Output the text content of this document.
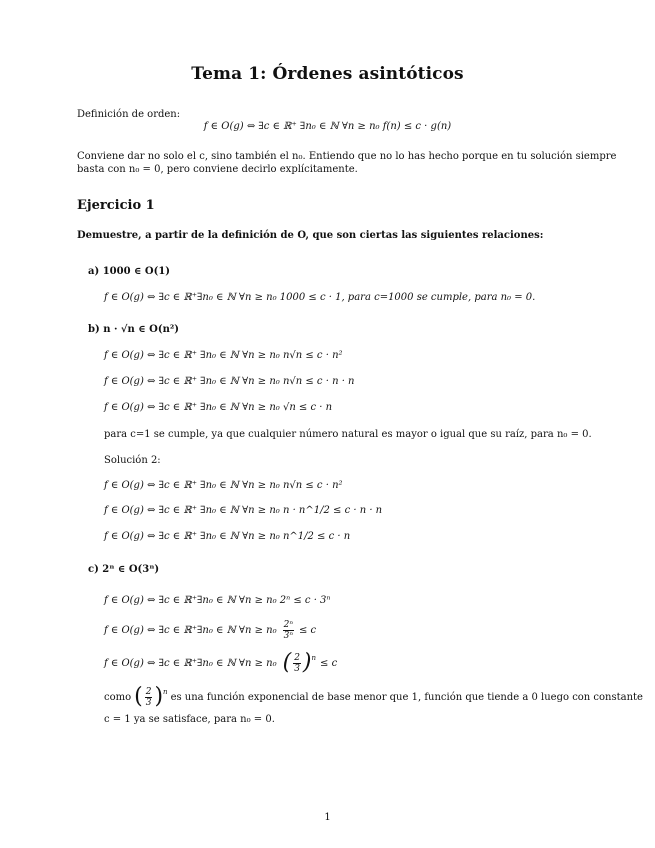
Tema 1: Órdenes asintóticos
Definición de orden:
f ∈ O(g) ⇔ ∃c ∈ ℝ⁺ ∃n₀ ∈ ℕ ∀n ≥ n₀ f(n) ≤ c · g(n)
Conviene dar no solo el c, sino también el n₀. Entiendo que no lo has hecho porque en tu solución siempre
basta con n₀ = 0, pero conviene decirlo explícitamente.
Ejercicio 1
Demuestre, a partir de la definición de O, que son ciertas las siguientes relaciones:
a) 1000 ∈ O(1)
f ∈ O(g) ⇔ ∃c ∈ ℝ⁺∃n₀ ∈ ℕ ∀n ≥ n₀ 1000 ≤ c · 1, para c=1000 se cumple, para n₀ = 0.
b) n · √n ∈ O(n²)
f ∈ O(g) ⇔ ∃c ∈ ℝ⁺ ∃n₀ ∈ ℕ ∀n ≥ n₀ n√n ≤ c · n²
f ∈ O(g) ⇔ ∃c ∈ ℝ⁺ ∃n₀ ∈ ℕ ∀n ≥ n₀ n√n ≤ c · n · n
f ∈ O(g) ⇔ ∃c ∈ ℝ⁺ ∃n₀ ∈ ℕ ∀n ≥ n₀ √n ≤ c · n
para c=1 se cumple, ya que cualquier número natural es mayor o igual que su raíz, para n₀ = 0.
Solución 2:
f ∈ O(g) ⇔ ∃c ∈ ℝ⁺ ∃n₀ ∈ ℕ ∀n ≥ n₀ n√n ≤ c · n²
f ∈ O(g) ⇔ ∃c ∈ ℝ⁺ ∃n₀ ∈ ℕ ∀n ≥ n₀ n · n^1/2 ≤ c · n · n
f ∈ O(g) ⇔ ∃c ∈ ℝ⁺ ∃n₀ ∈ ℕ ∀n ≥ n₀ n^1/2 ≤ c · n
c) 2ⁿ ∈ O(3ⁿ)
f ∈ O(g) ⇔ ∃c ∈ ℝ⁺∃n₀ ∈ ℕ ∀n ≥ n₀ 2ⁿ ≤ c · 3ⁿ
f ∈ O(g) ⇔ ∃c ∈ ℝ⁺∃n₀ ∈ ℕ ∀n ≥ $n_0 \frac{\text{2ⁿ}}{\text{3ⁿ}} \le c$
f ∈ O(g) ⇔ ∃c ∈ ℝ⁺∃n₀ ∈ ℕ ∀n ≥ n₀ ( $\frac{2}{3}$ ) n ≤ c
como ( $\frac{2}{3}$ ) n es una función exponencial de base menor que 1, función que tiende a 0 luego con constante
c = 1 ya se satisface, para n₀ = 0.
1
